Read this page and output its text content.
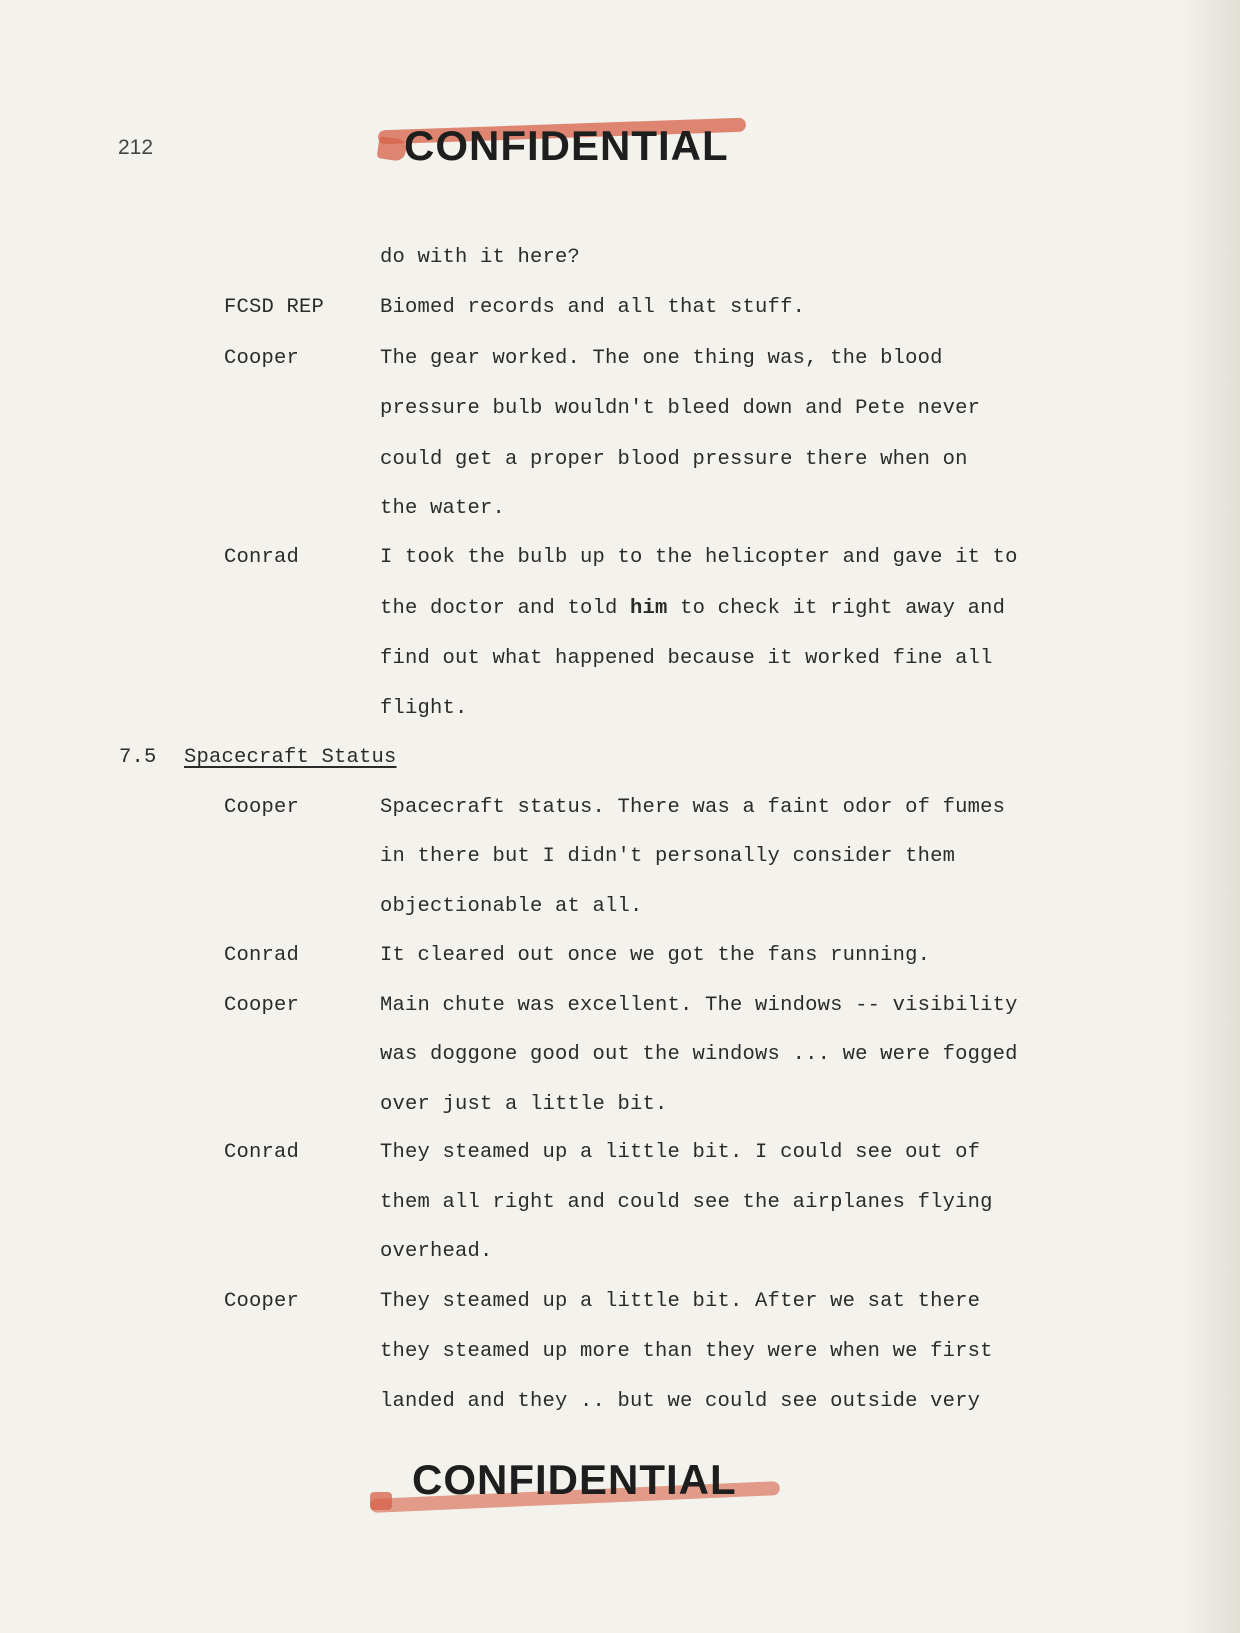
212	CONFIDENTIAL
do with it here?
FCSD REP	Biomed records and all that stuff.
Cooper	The gear worked. The one thing was, the blood
pressure bulb wouldn't bleed down and Pete never
could get a proper blood pressure there when on
the water.
Conrad	I took the bulb up to the helicopter and gave it to
the doctor and told him to check it right away and
find out what happened because it worked fine all
flight.
7.5 Spacecraft Status
Cooper	Spacecraft status. There was a faint odor of fumes
in there but I didn't personally consider them
objectionable at all.
Conrad	It cleared out once we got the fans running.
Cooper	Main chute was excellent. The windows -- visibility
was doggone good out the windows ... we were fogged
over just a little bit.
Conrad	They steamed up a little bit. I could see out of
them all right and could see the airplanes flying
overhead.
Cooper	They steamed up a little bit. After we sat there
they steamed up more than they were when we first
landed and they .. but we could see outside very
CONFIDENTIAL
